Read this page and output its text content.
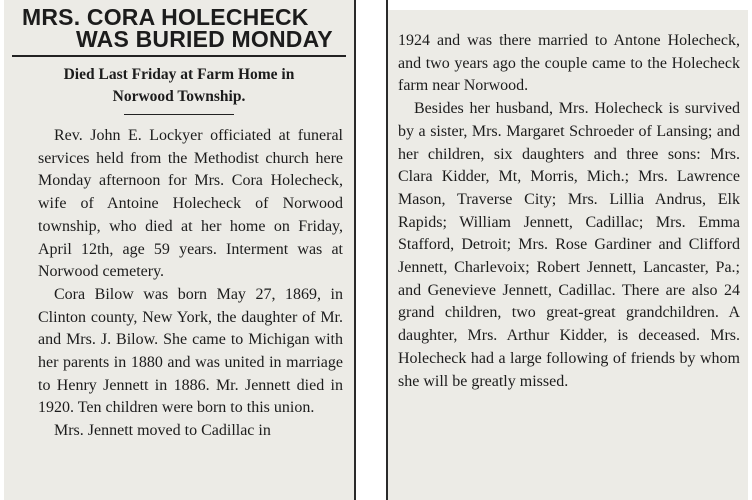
MRS. CORA HOLECHECK
WAS BURIED MONDAY
Died Last Friday at Farm Home in
Norwood Township.

Rev. John E. Lockyer officiated at funeral services held from the Methodist church here Monday afternoon for Mrs. Cora Holecheck, wife of Antoine Holecheck of Norwood township, who died at her home on Friday, April 12th, age 59 years. Interment was at Norwood cemetery.

Cora Bilow was born May 27, 1869, in Clinton county, New York, the daughter of Mr. and Mrs. J. Bilow. She came to Michigan with her parents in 1880 and was united in marriage to Henry Jennett in 1886. Mr. Jennett died in 1920. Ten children were born to this union.

Mrs. Jennett moved to Cadillac in

1924 and was there married to Antone Holecheck, and two years ago the couple came to the Holecheck farm near Norwood.

Besides her husband, Mrs. Holecheck is survived by a sister, Mrs. Margaret Schroeder of Lansing; and her children, six daughters and three sons: Mrs. Clara Kidder, Mt, Morris, Mich.; Mrs. Lawrence Mason, Traverse City; Mrs. Lillia Andrus, Elk Rapids; William Jennett, Cadillac; Mrs. Emma Stafford, Detroit; Mrs. Rose Gardiner and Clifford Jennett, Charlevoix; Robert Jennett, Lancaster, Pa.; and Genevieve Jennett, Cadillac. There are also 24 grand children, two great-great grandchildren. A daughter, Mrs. Arthur Kidder, is deceased. Mrs. Holecheck had a large following of friends by whom she will be greatly missed.
